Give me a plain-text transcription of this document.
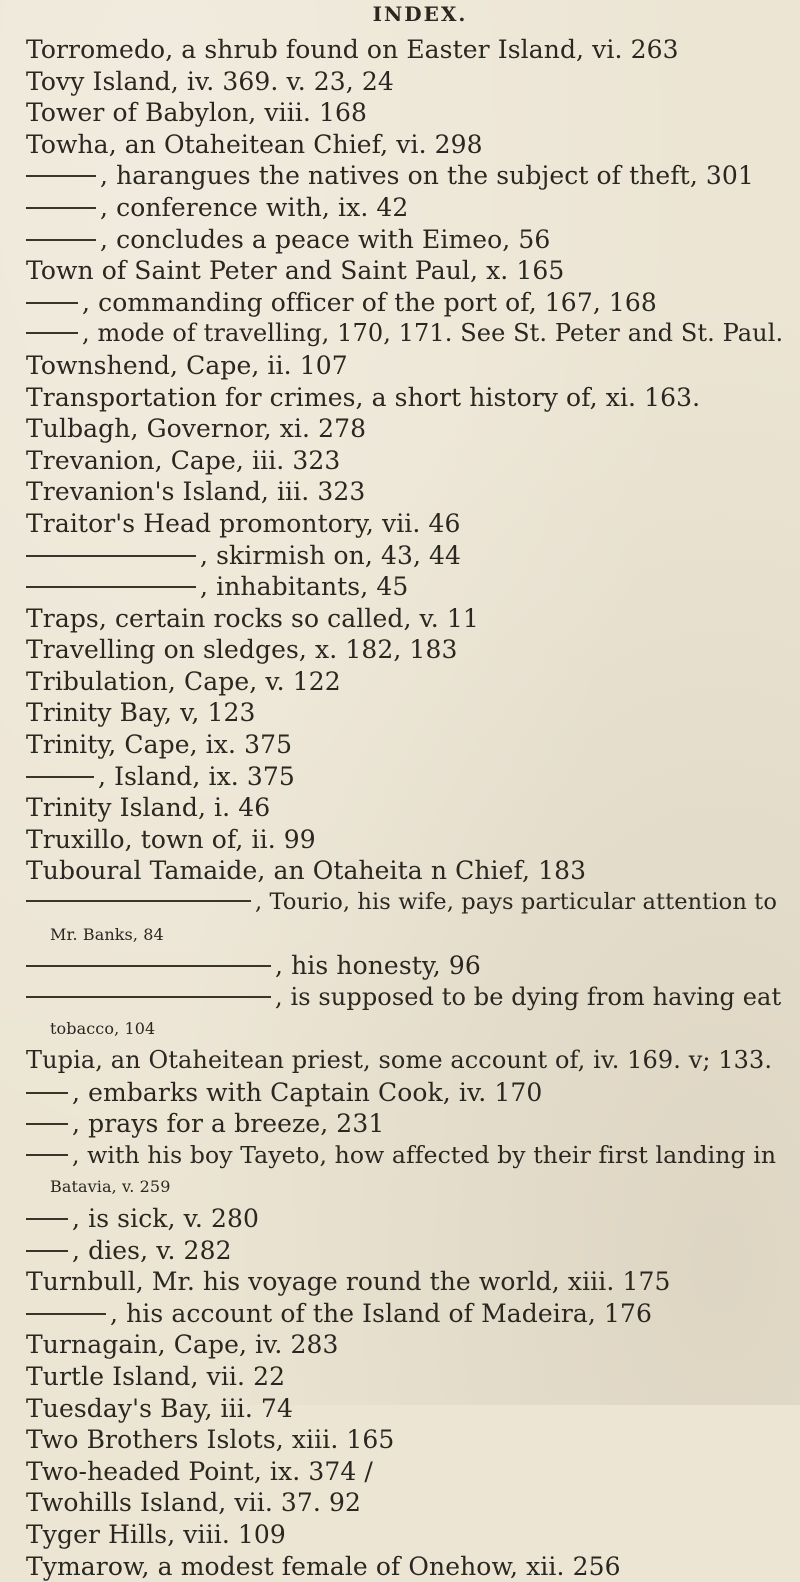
INDEX.
Torromedo, a shrub found on Easter Island, vi. 263
Tovy Island, iv. 369. v. 23, 24
Tower of Babylon, viii. 168
Towha, an Otaheitean Chief, vi. 298
, harangues the natives on the subject of theft, 301
, conference with, ix. 42
, concludes a peace with Eimeo, 56
Town of Saint Peter and Saint Paul, x. 165
, commanding officer of the port of, 167, 168
, mode of travelling, 170, 171. See St. Peter and St. Paul.
Townshend, Cape, ii. 107
Transportation for crimes, a short history of, xi. 163.
Tulbagh, Governor, xi. 278
Trevanion, Cape, iii. 323
Trevanion's Island, iii. 323
Traitor's Head promontory, vii. 46
, skirmish on, 43, 44
, inhabitants, 45
Traps, certain rocks so called, v. 11
Travelling on sledges, x. 182, 183
Tribulation, Cape, v. 122
Trinity Bay, v, 123
Trinity, Cape, ix. 375
, Island, ix. 375
Trinity Island, i. 46
Truxillo, town of, ii. 99
Tuboural Tamaide, an Otaheita n Chief, 183
, Tourio, his wife, pays particular attention to
Mr. Banks, 84
, his honesty, 96
, is supposed to be dying from having eat
tobacco, 104
Tupia, an Otaheitean priest, some account of, iv. 169. v; 133.
, embarks with Captain Cook, iv. 170
, prays for a breeze, 231
, with his boy Tayeto, how affected by their first landing in
Batavia, v. 259
, is sick, v. 280
, dies, v. 282
Turnbull, Mr. his voyage round the world, xiii. 175
, his account of the Island of Madeira, 176
Turnagain, Cape, iv. 283
Turtle Island, vii. 22
Tuesday's Bay, iii. 74
Two Brothers Islots, xiii. 165
Two-headed Point, ix. 374 /
Twohills Island, vii. 37. 92
Tyger Hills, viii. 109
Tymarow, a modest female of Onehow, xii. 256
